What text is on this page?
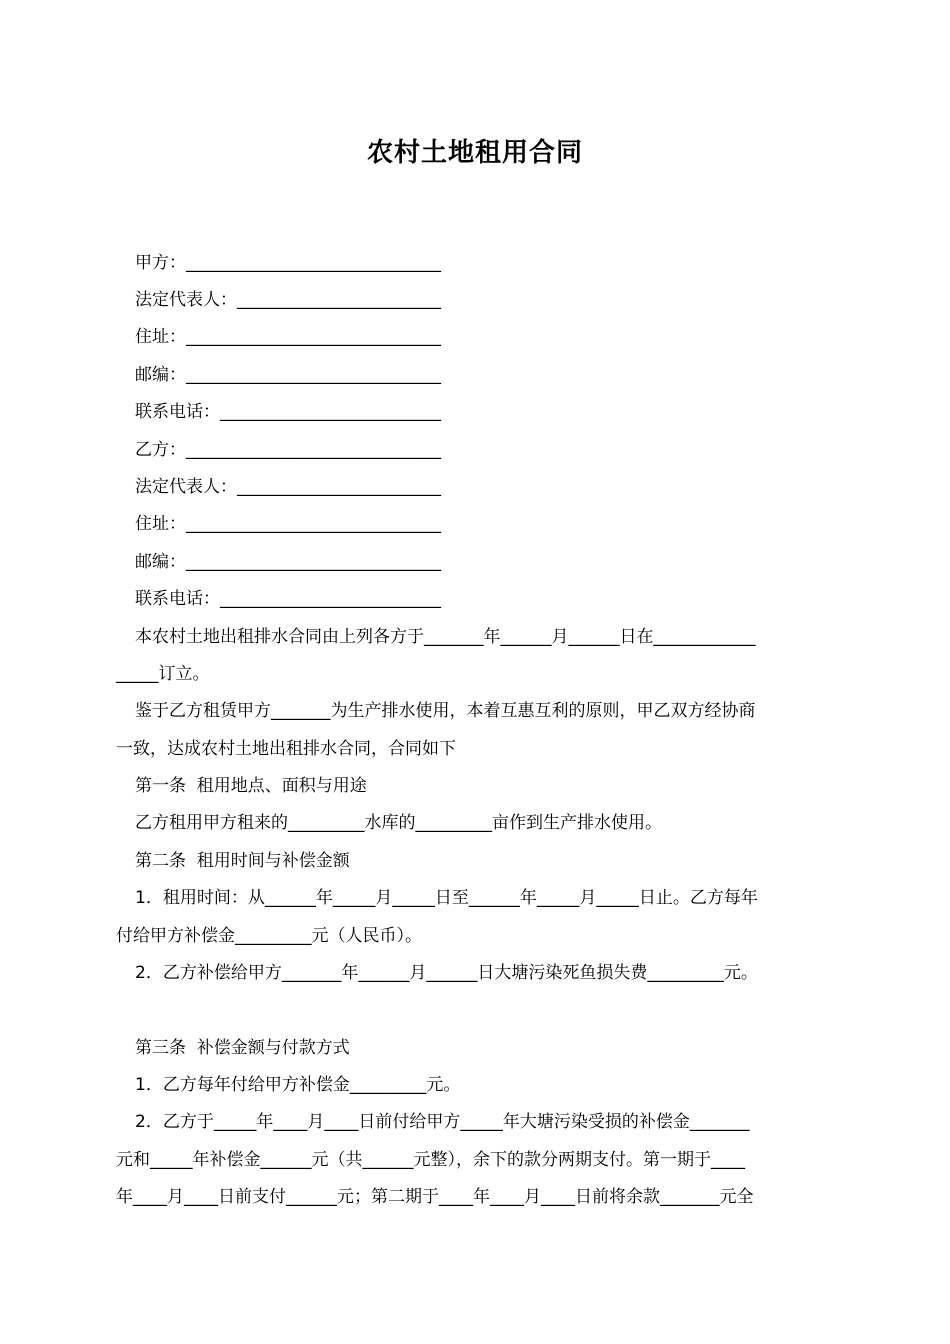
农村土地租用合同
甲方：______________________________
法定代表人：________________________
住址：______________________________
邮编：______________________________
联系电话：__________________________
乙方：______________________________
法定代表人：________________________
住址：______________________________
邮编：______________________________
联系电话：__________________________
本农村土地出租排水合同由上列各方于_______年______月______日在____________
_____订立。
鉴于乙方租赁甲方_______为生产排水使用，本着互惠互利的原则，甲乙双方经协商
一致，达成农村土地出租排水合同，合同如下
第一条  租用地点、面积与用途
乙方租用甲方租来的_________水库的_________亩作到生产排水使用。
第二条  租用时间与补偿金额
1．租用时间：从______年_____月_____日至______年_____月_____日止。乙方每年
付给甲方补偿金_________元（人民币）。
2．乙方补偿给甲方_______年______月______日大塘污染死鱼损失费_________元。
第三条  补偿金额与付款方式
1．乙方每年付给甲方补偿金_________元。
2．乙方于_____年____月____日前付给甲方_____年大塘污染受损的补偿金_______
元和_____年补偿金______元（共______元整），余下的款分两期支付。第一期于____
年____月____日前支付______元；第二期于____年____月____日前将余款_______元全
